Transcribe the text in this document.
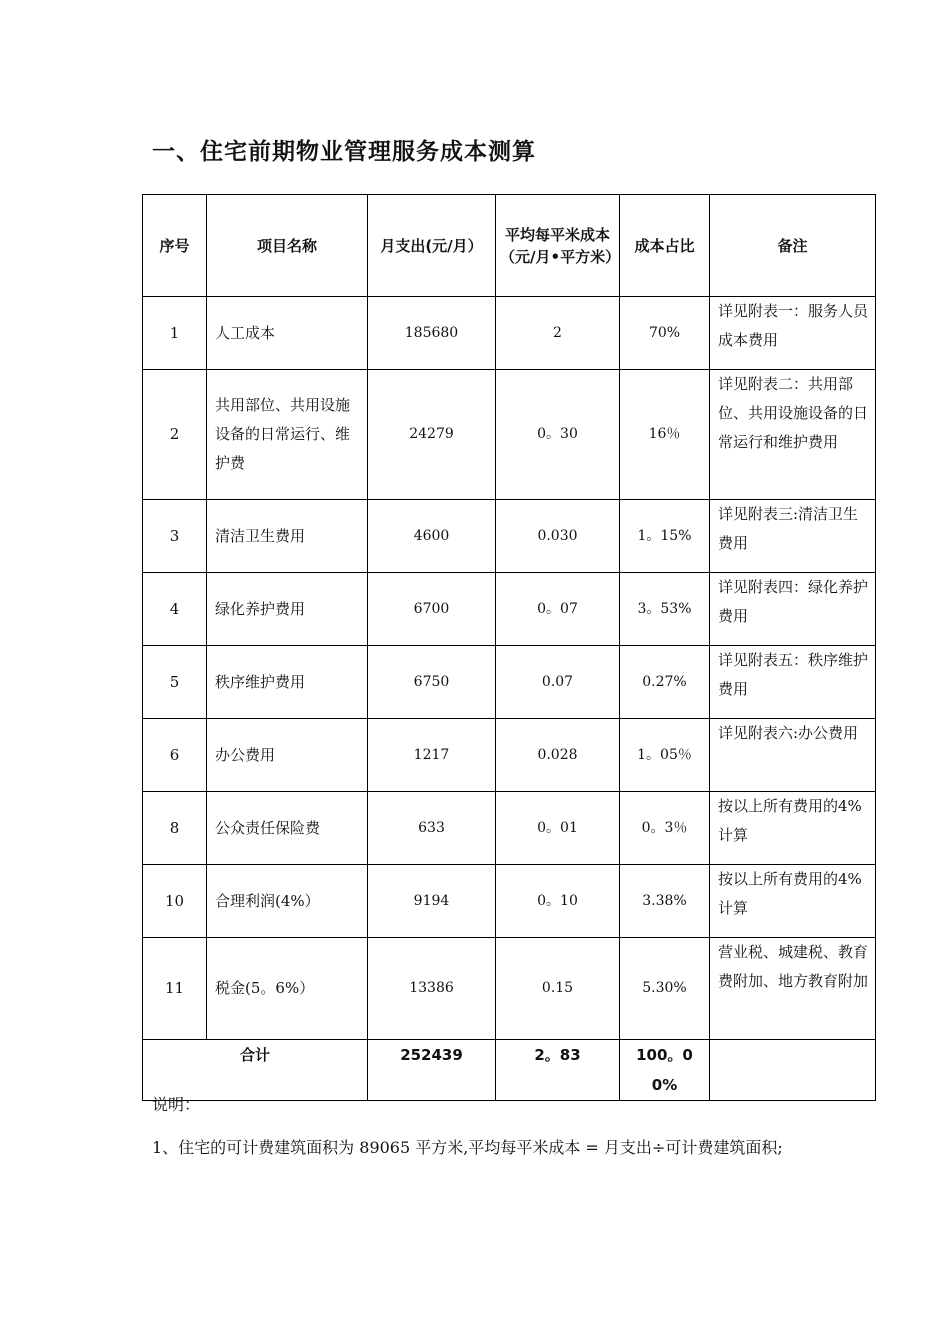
一、住宅前期物业管理服务成本测算
序号	项目名称	月支出(元/月）	平均每平米成本（元/月•平方米）	成本占比	备注
1	人工成本	185680	2	70%	详见附表一：服务人员成本费用
2	共用部位、共用设施设备的日常运行、维护费	24279	0。30	16％	详见附表二：共用部位、共用设施设备的日常运行和维护费用
3	清洁卫生费用	4600	0.030	1。15%	详见附表三:清洁卫生费用
4	绿化养护费用	6700	0。07	3。53%	详见附表四：绿化养护费用
5	秩序维护费用	6750	0.07	0.27%	详见附表五：秩序维护费用
6	办公费用	1217	0.028	1。05％	详见附表六:办公费用
8	公众责任保险费	633	0。01	0。3％	按以上所有费用的4%计算
10	合理利润(4%）	9194	0。10	3.38%	按以上所有费用的4%计算
11	税金(5。6%）	13386	0.15	5.30%	营业税、城建税、教育费附加、地方教育附加
合计		252439	2。83	100。00%	

说明：

1、住宅的可计费建筑面积为 89065 平方米,平均每平米成本 = 月支出÷可计费建筑面积;
